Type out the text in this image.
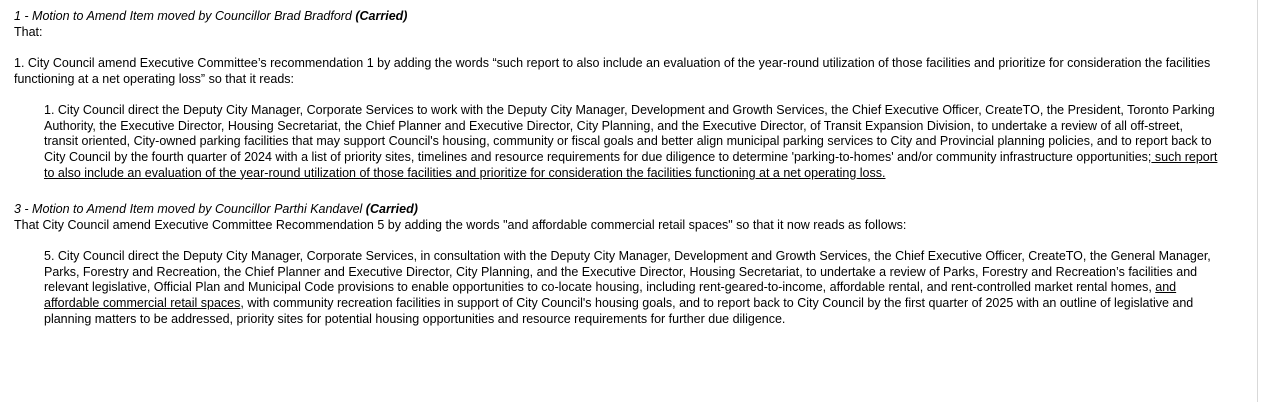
1 - Motion to Amend Item moved by Councillor Brad Bradford (Carried)

That:

1. City Council amend Executive Committee’s recommendation 1 by adding the words “such report to also include an evaluation of the year-round utilization of those facilities and prioritize for consideration the facilities functioning at a net operating loss” so that it reads:

1. City Council direct the Deputy City Manager, Corporate Services to work with the Deputy City Manager, Development and Growth Services, the Chief Executive Officer, CreateTO, the President, Toronto Parking Authority, the Executive Director, Housing Secretariat, the Chief Planner and Executive Director, City Planning, and the Executive Director, of Transit Expansion Division, to undertake a review of all off-street, transit oriented, City-owned parking facilities that may support Council's housing, community or fiscal goals and better align municipal parking services to City and Provincial planning policies, and to report back to City Council by the fourth quarter of 2024 with a list of priority sites, timelines and resource requirements for due diligence to determine 'parking-to-homes' and/or community infrastructure opportunities; such report to also include an evaluation of the year-round utilization of those facilities and prioritize for consideration the facilities functioning at a net operating loss.

3 - Motion to Amend Item moved by Councillor Parthi Kandavel (Carried)

That City Council amend Executive Committee Recommendation 5 by adding the words "and affordable commercial retail spaces" so that it now reads as follows:

5. City Council direct the Deputy City Manager, Corporate Services, in consultation with the Deputy City Manager, Development and Growth Services, the Chief Executive Officer, CreateTO, the General Manager, Parks, Forestry and Recreation, the Chief Planner and Executive Director, City Planning, and the Executive Director, Housing Secretariat, to undertake a review of Parks, Forestry and Recreation’s facilities and relevant legislative, Official Plan and Municipal Code provisions to enable opportunities to co-locate housing, including rent-geared-to-income, affordable rental, and rent-controlled market rental homes, and affordable commercial retail spaces, with community recreation facilities in support of City Council's housing goals, and to report back to City Council by the first quarter of 2025 with an outline of legislative and planning matters to be addressed, priority sites for potential housing opportunities and resource requirements for further due diligence.
